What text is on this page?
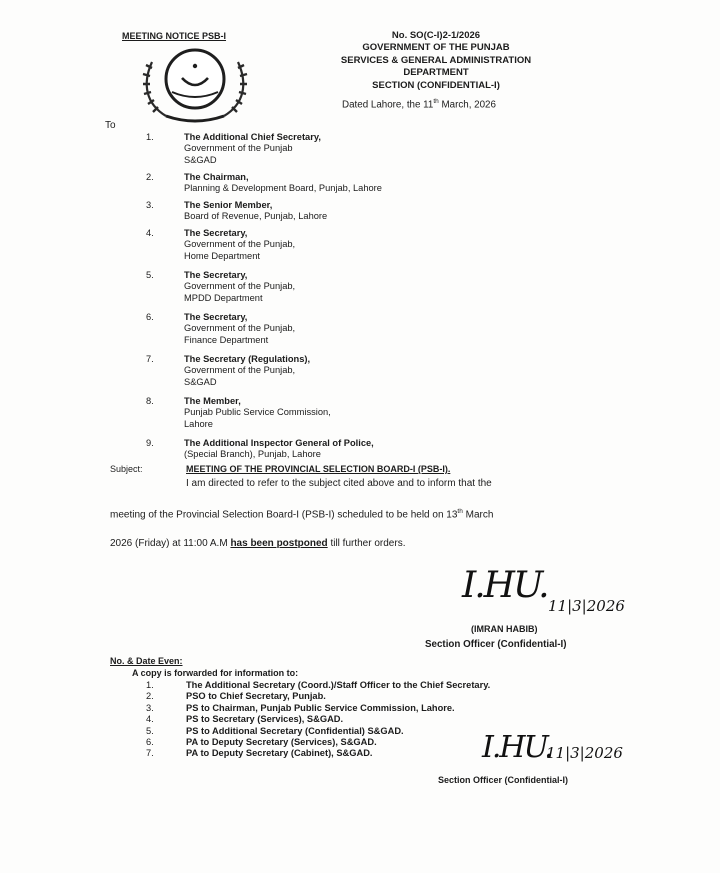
MEETING NOTICE PSB-I	No. SO(C-I)2-1/2026
GOVERNMENT OF THE PUNJAB
SERVICES & GENERAL ADMINISTRATION
DEPARTMENT
SECTION (CONFIDENTIAL-I)
Dated Lahore, the 11th March, 2026
To
1.	The Additional Chief Secretary,
Government of the Punjab
S&GAD
2.	The Chairman,
Planning & Development Board, Punjab, Lahore
3.	The Senior Member,
Board of Revenue, Punjab, Lahore
4.	The Secretary,
Government of the Punjab,
Home Department
5.	The Secretary,
Government of the Punjab,
MPDD Department
6.	The Secretary,
Government of the Punjab,
Finance Department
7.	The Secretary (Regulations),
Government of the Punjab,
S&GAD
8.	The Member,
Punjab Public Service Commission,
Lahore
9.	The Additional Inspector General of Police,
(Special Branch), Punjab, Lahore
Subject:	MEETING OF THE PROVINCIAL SELECTION BOARD-I (PSB-I).
I am directed to refer to the subject cited above and to inform that the
meeting of the Provincial Selection Board-I (PSB-I) scheduled to be held on 13th March
2026 (Friday) at 11:00 A.M has been postponed till further orders.
I.HU. 11|3|2026
(IMRAN HABIB)
Section Officer (Confidential-I)
No. & Date Even:
A copy is forwarded for information to:
1.	The Additional Secretary (Coord.)/Staff Officer to the Chief Secretary.
2.	PSO to Chief Secretary, Punjab.
3.	PS to Chairman, Punjab Public Service Commission, Lahore.
4.	PS to Secretary (Services), S&GAD.
5.	PS to Additional Secretary (Confidential) S&GAD.
6.	PA to Deputy Secretary (Services), S&GAD.
7.	PA to Deputy Secretary (Cabinet), S&GAD.	I.HU.
11|3|2026
Section Officer (Confidential-I)
